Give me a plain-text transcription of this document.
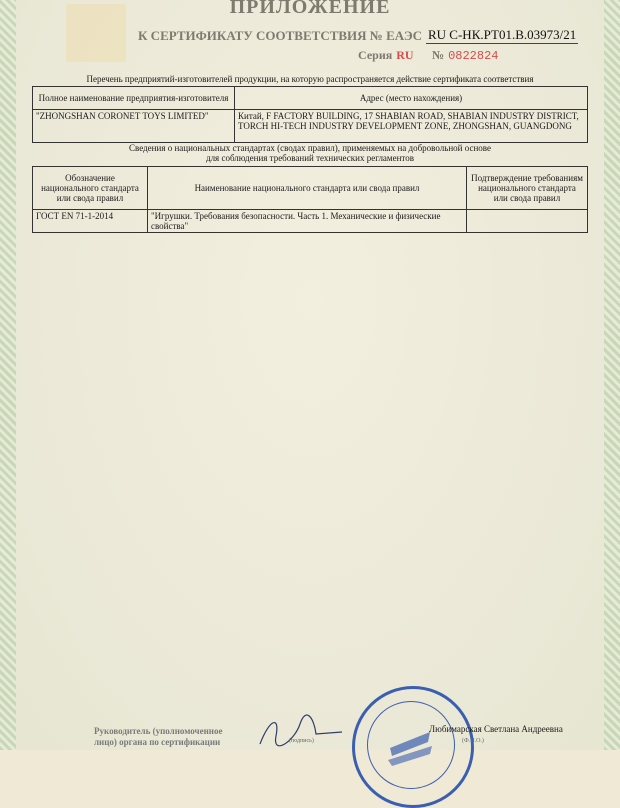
ПРИЛОЖЕНИЕ
К СЕРТИФИКАТУ СООТВЕТСТВИЯ № ЕАЭС RU С-НК.РТ01.В.03973/21
Серия RU № 0822824
Перечень предприятий-изготовителей продукции, на которую распространяется действие сертификата соответствия
Полное наименование предприятия-изготовителя	Адрес (место нахождения)
"ZHONGSHAN CORONET TOYS LIMITED"	Китай, F FACTORY BUILDING, 17 SHABIAN ROAD, SHABIAN INDUSTRY DISTRICT, TORCH HI-TECH INDUSTRY DEVELOPMENT ZONE, ZHONGSHAN, GUANGDONG
Сведения о национальных стандартах (сводах правил), применяемых на добровольной основе
для соблюдения требований технических регламентов
Обозначение национального стандарта или свода правил	Наименование национального стандарта или свода правил	Подтверждение требованиям национального стандарта или свода правил
ГОСТ EN 71-1-2014	"Игрушки. Требования безопасности. Часть 1. Механические и физические свойства"	
Руководитель (уполномоченное
лицо) органа по сертификации	(подпись)
Любимарская Светлана Андреевна
(Ф.И.О.)
